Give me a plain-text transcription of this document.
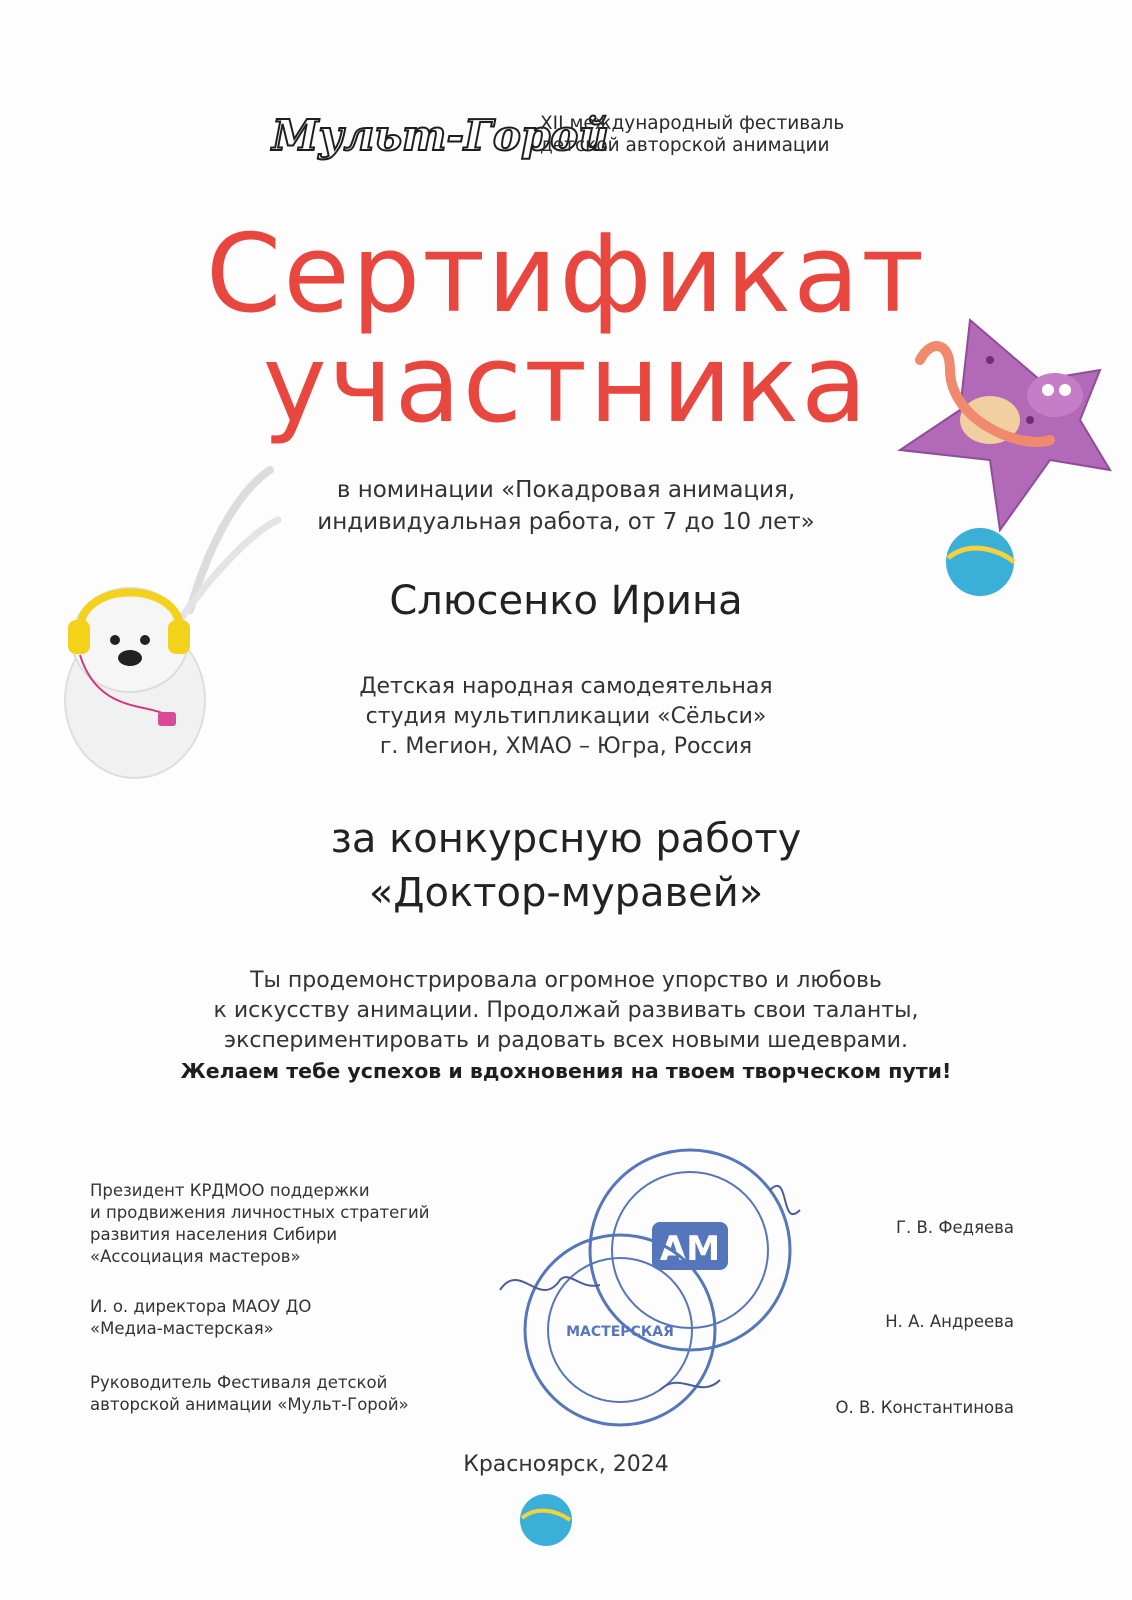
Мульт-Горой
XII международный фестиваль
детской авторской анимации
Сертификат
участника
в номинации «Покадровая анимация,
индивидуальная работа, от 7 до 10 лет»
Слюсенко Ирина
Детская народная самодеятельная
студия мультипликации «Сёльси»
г. Мегион, ХМАО – Югра, Россия
за конкурсную работу
«Доктор-муравей»
Ты продемонстрировала огромное упорство и любовь
к искусству анимации. Продолжай развивать свои таланты,
экспериментировать и радовать всех новыми шедеврами.
Желаем тебе успехов и вдохновения на твоем творческом пути!
АМ
МАСТЕРСКАЯ
Президент КРДМОО поддержки
и продвижения личностных стратегий
развития населения Сибири
«Ассоциация мастеров»
Г. В. Федяева
И. о. директора МАОУ ДО
«Медиа-мастерская»	Н. А. Андреева
Руководитель Фестиваля детской
авторской анимации «Мульт-Горой»	О. В. Константинова
Красноярск, 2024
